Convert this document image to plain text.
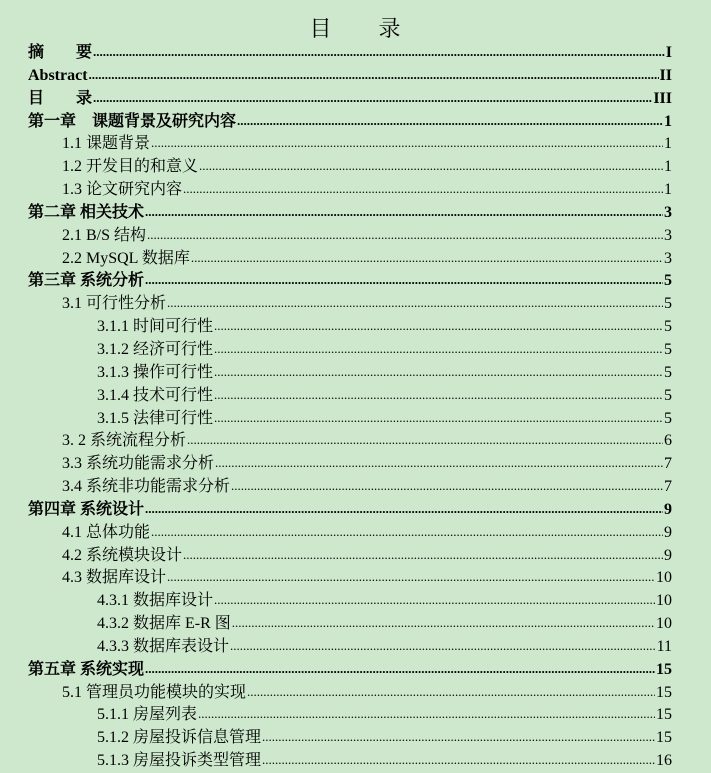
目　　录
摘　　要 .....	I
Abstract .....	II
目　　录 .....	III
第一章　课题背景及研究内容 .....	1
1.1 课题背景 .....	1
1.2 开发目的和意义 .....	1
1.3 论文研究内容 .....	1
第二章 相关技术 .....	3
2.1 B/S 结构 .....	3
2.2 MySQL 数据库 .....	3
第三章 系统分析 .....	5
3.1 可行性分析 .....	5
3.1.1 时间可行性 .....	5
3.1.2 经济可行性 .....	5
3.1.3 操作可行性 .....	5
3.1.4 技术可行性 .....	5
3.1.5 法律可行性 .....	5
3. 2 系统流程分析 .....	6
3.3 系统功能需求分析 .....	7
3.4 系统非功能需求分析 .....	7
第四章 系统设计 .....	9
4.1 总体功能 .....	9
4.2 系统模块设计 .....	9
4.3 数据库设计 .....	10
4.3.1 数据库设计 .....	10
4.3.2 数据库 E-R 图 .....	10
4.3.3 数据库表设计 .....	11
第五章 系统实现 .....	15
5.1 管理员功能模块的实现 .....	15
5.1.1 房屋列表 .....	15
5.1.2 房屋投诉信息管理 .....	15
5.1.3 房屋投诉类型管理 .....	16
